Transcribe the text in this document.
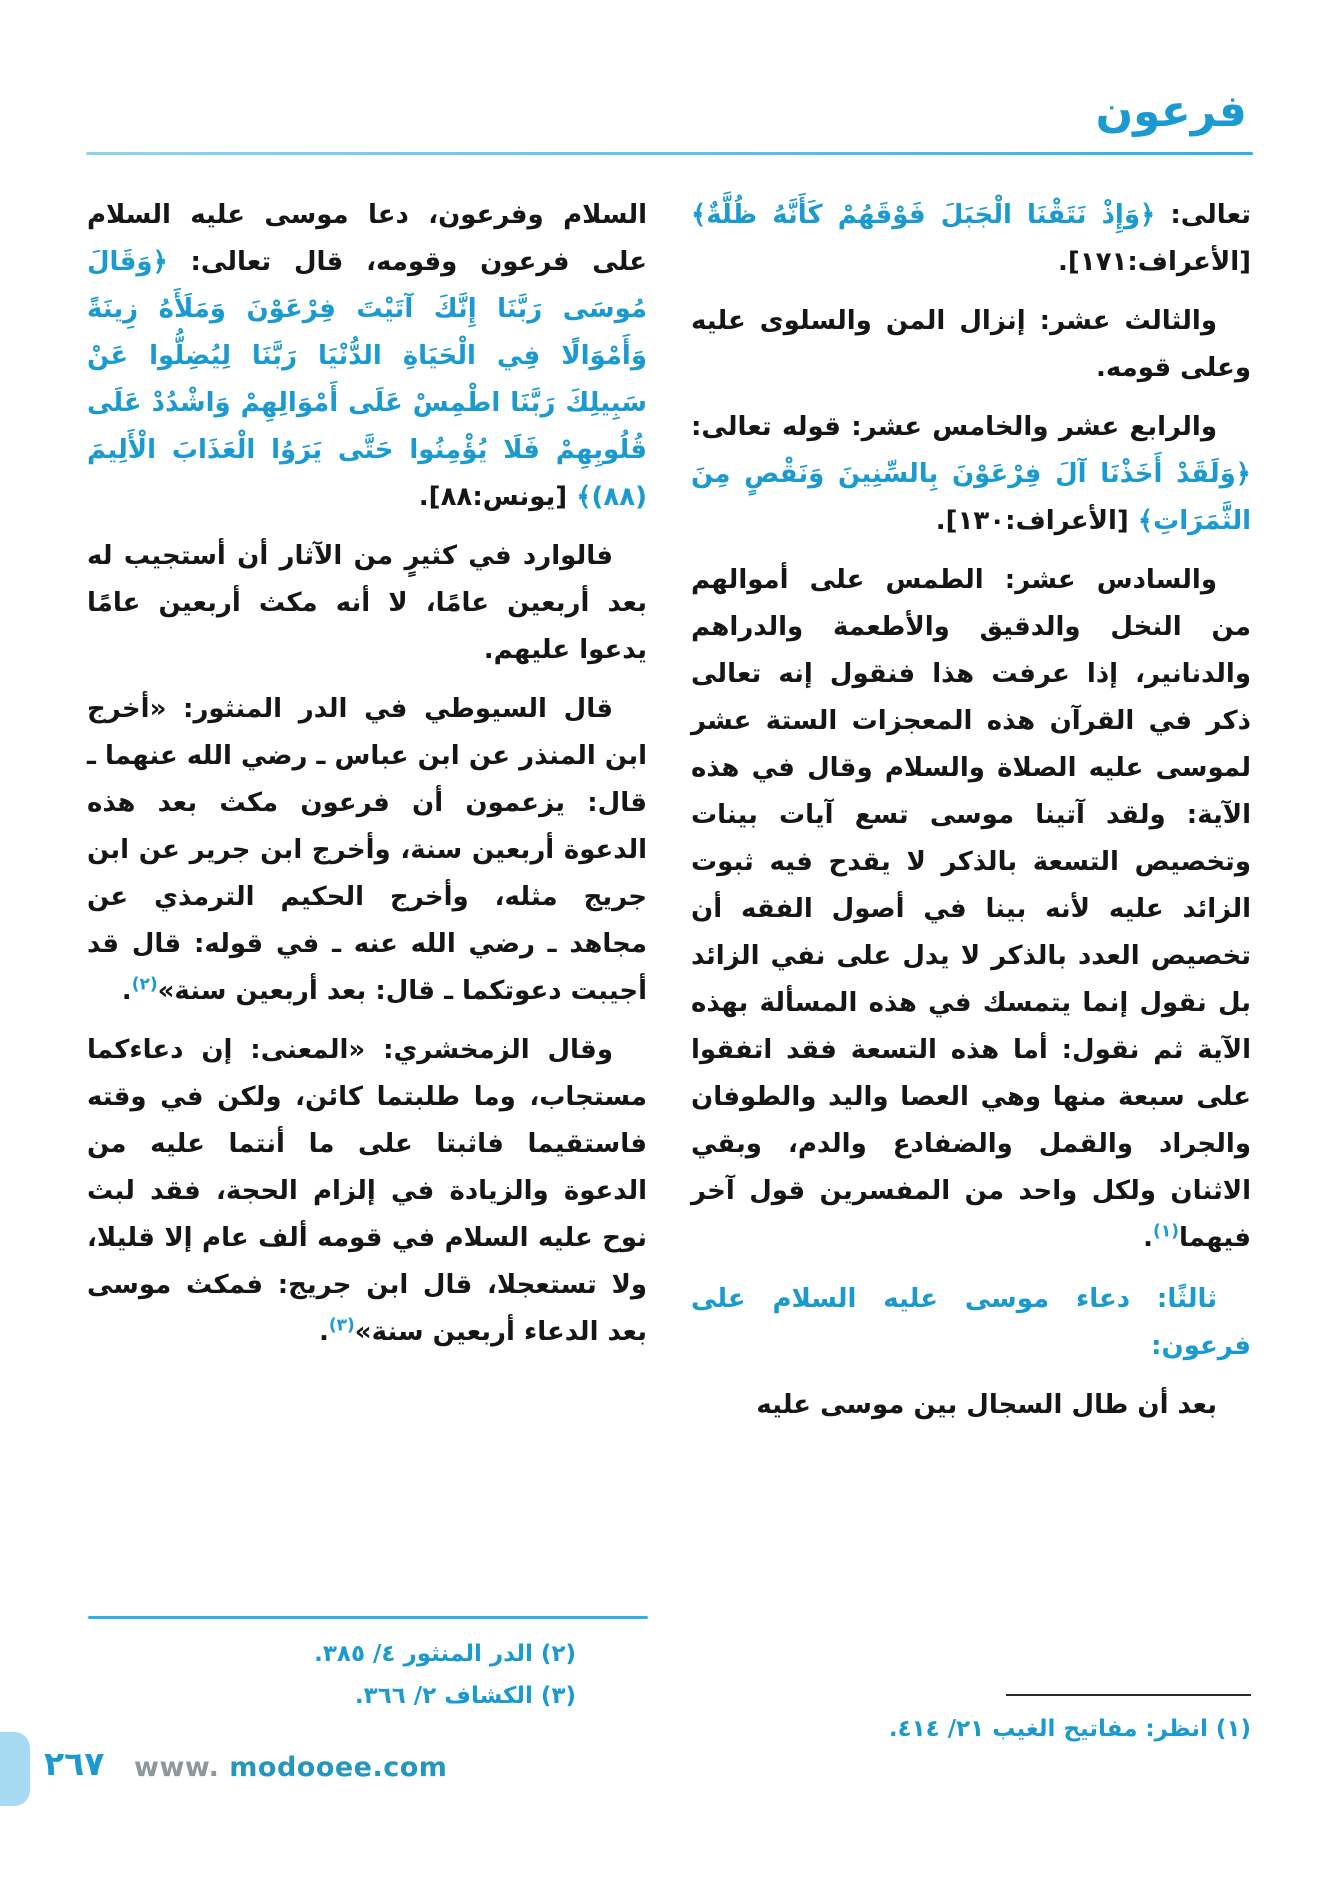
فرعون

تعالى: ﴿وَإِذْ نَتَقْنَا الْجَبَلَ فَوْقَهُمْ كَأَنَّهُ ظُلَّةٌ﴾ [الأعراف:١٧١].

والثالث عشر: إنزال المن والسلوى عليه وعلى قومه.

والرابع عشر والخامس عشر: قوله تعالى: ﴿وَلَقَدْ أَخَذْنَا آلَ فِرْعَوْنَ بِالسِّنِينَ وَنَقْصٍ مِنَ الثَّمَرَاتِ﴾ [الأعراف:١٣٠].

والسادس عشر: الطمس على أموالهم من النخل والدقيق والأطعمة والدراهم والدنانير، إذا عرفت هذا فنقول إنه تعالى ذكر في القرآن هذه المعجزات الستة عشر لموسى عليه الصلاة والسلام وقال في هذه الآية: ولقد آتينا موسى تسع آيات بينات وتخصيص التسعة بالذكر لا يقدح فيه ثبوت الزائد عليه لأنه بينا في أصول الفقه أن تخصيص العدد بالذكر لا يدل على نفي الزائد بل نقول إنما يتمسك في هذه المسألة بهذه الآية ثم نقول: أما هذه التسعة فقد اتفقوا على سبعة منها وهي العصا واليد والطوفان والجراد والقمل والضفادع والدم، وبقي الاثنان ولكل واحد من المفسرين قول آخر فيهما$^{(١)}$.

ثالثًا: دعاء موسى عليه السلام على فرعون:

بعد أن طال السجال بين موسى عليه

السلام وفرعون، دعا موسى عليه السلام على فرعون وقومه، قال تعالى: ﴿وَقَالَ مُوسَى رَبَّنَا إِنَّكَ آتَيْتَ فِرْعَوْنَ وَمَلَأَهُ زِينَةً وَأَمْوَالًا فِي الْحَيَاةِ الدُّنْيَا رَبَّنَا لِيُضِلُّوا عَنْ سَبِيلِكَ رَبَّنَا اطْمِسْ عَلَى أَمْوَالِهِمْ وَاشْدُدْ عَلَى قُلُوبِهِمْ فَلَا يُؤْمِنُوا حَتَّى يَرَوُا الْعَذَابَ الْأَلِيمَ (٨٨)﴾ [يونس:٨٨].

فالوارد في كثيرٍ من الآثار أن أستجيب له بعد أربعين عامًا، لا أنه مكث أربعين عامًا يدعوا عليهم.

قال السيوطي في الدر المنثور: «أخرج ابن المنذر عن ابن عباس ـ رضي الله عنهما ـ قال: يزعمون أن فرعون مكث بعد هذه الدعوة أربعين سنة، وأخرج ابن جرير عن ابن جريج مثله، وأخرج الحكيم الترمذي عن مجاهد ـ رضي الله عنه ـ في قوله: قال قد أجيبت دعوتكما ـ قال: بعد أربعين سنة»$^{(٢)}$.

وقال الزمخشري: «المعنى: إن دعاءكما مستجاب، وما طلبتما كائن، ولكن في وقته فاستقيما فاثبتا على ما أنتما عليه من الدعوة والزيادة في إلزام الحجة، فقد لبث نوح عليه السلام في قومه ألف عام إلا قليلا، ولا تستعجلا، قال ابن جريج: فمكث موسى بعد الدعاء أربعين سنة»$^{(٣)}$.

(٢) الدر المنثور ٤/ ٣٨٥.
(٣) الكشاف ٢/ ٣٦٦.
(١) انظر: مفاتيح الغيب ٢١/ ٤١٤.
٢٦٧ www. modooee.com
